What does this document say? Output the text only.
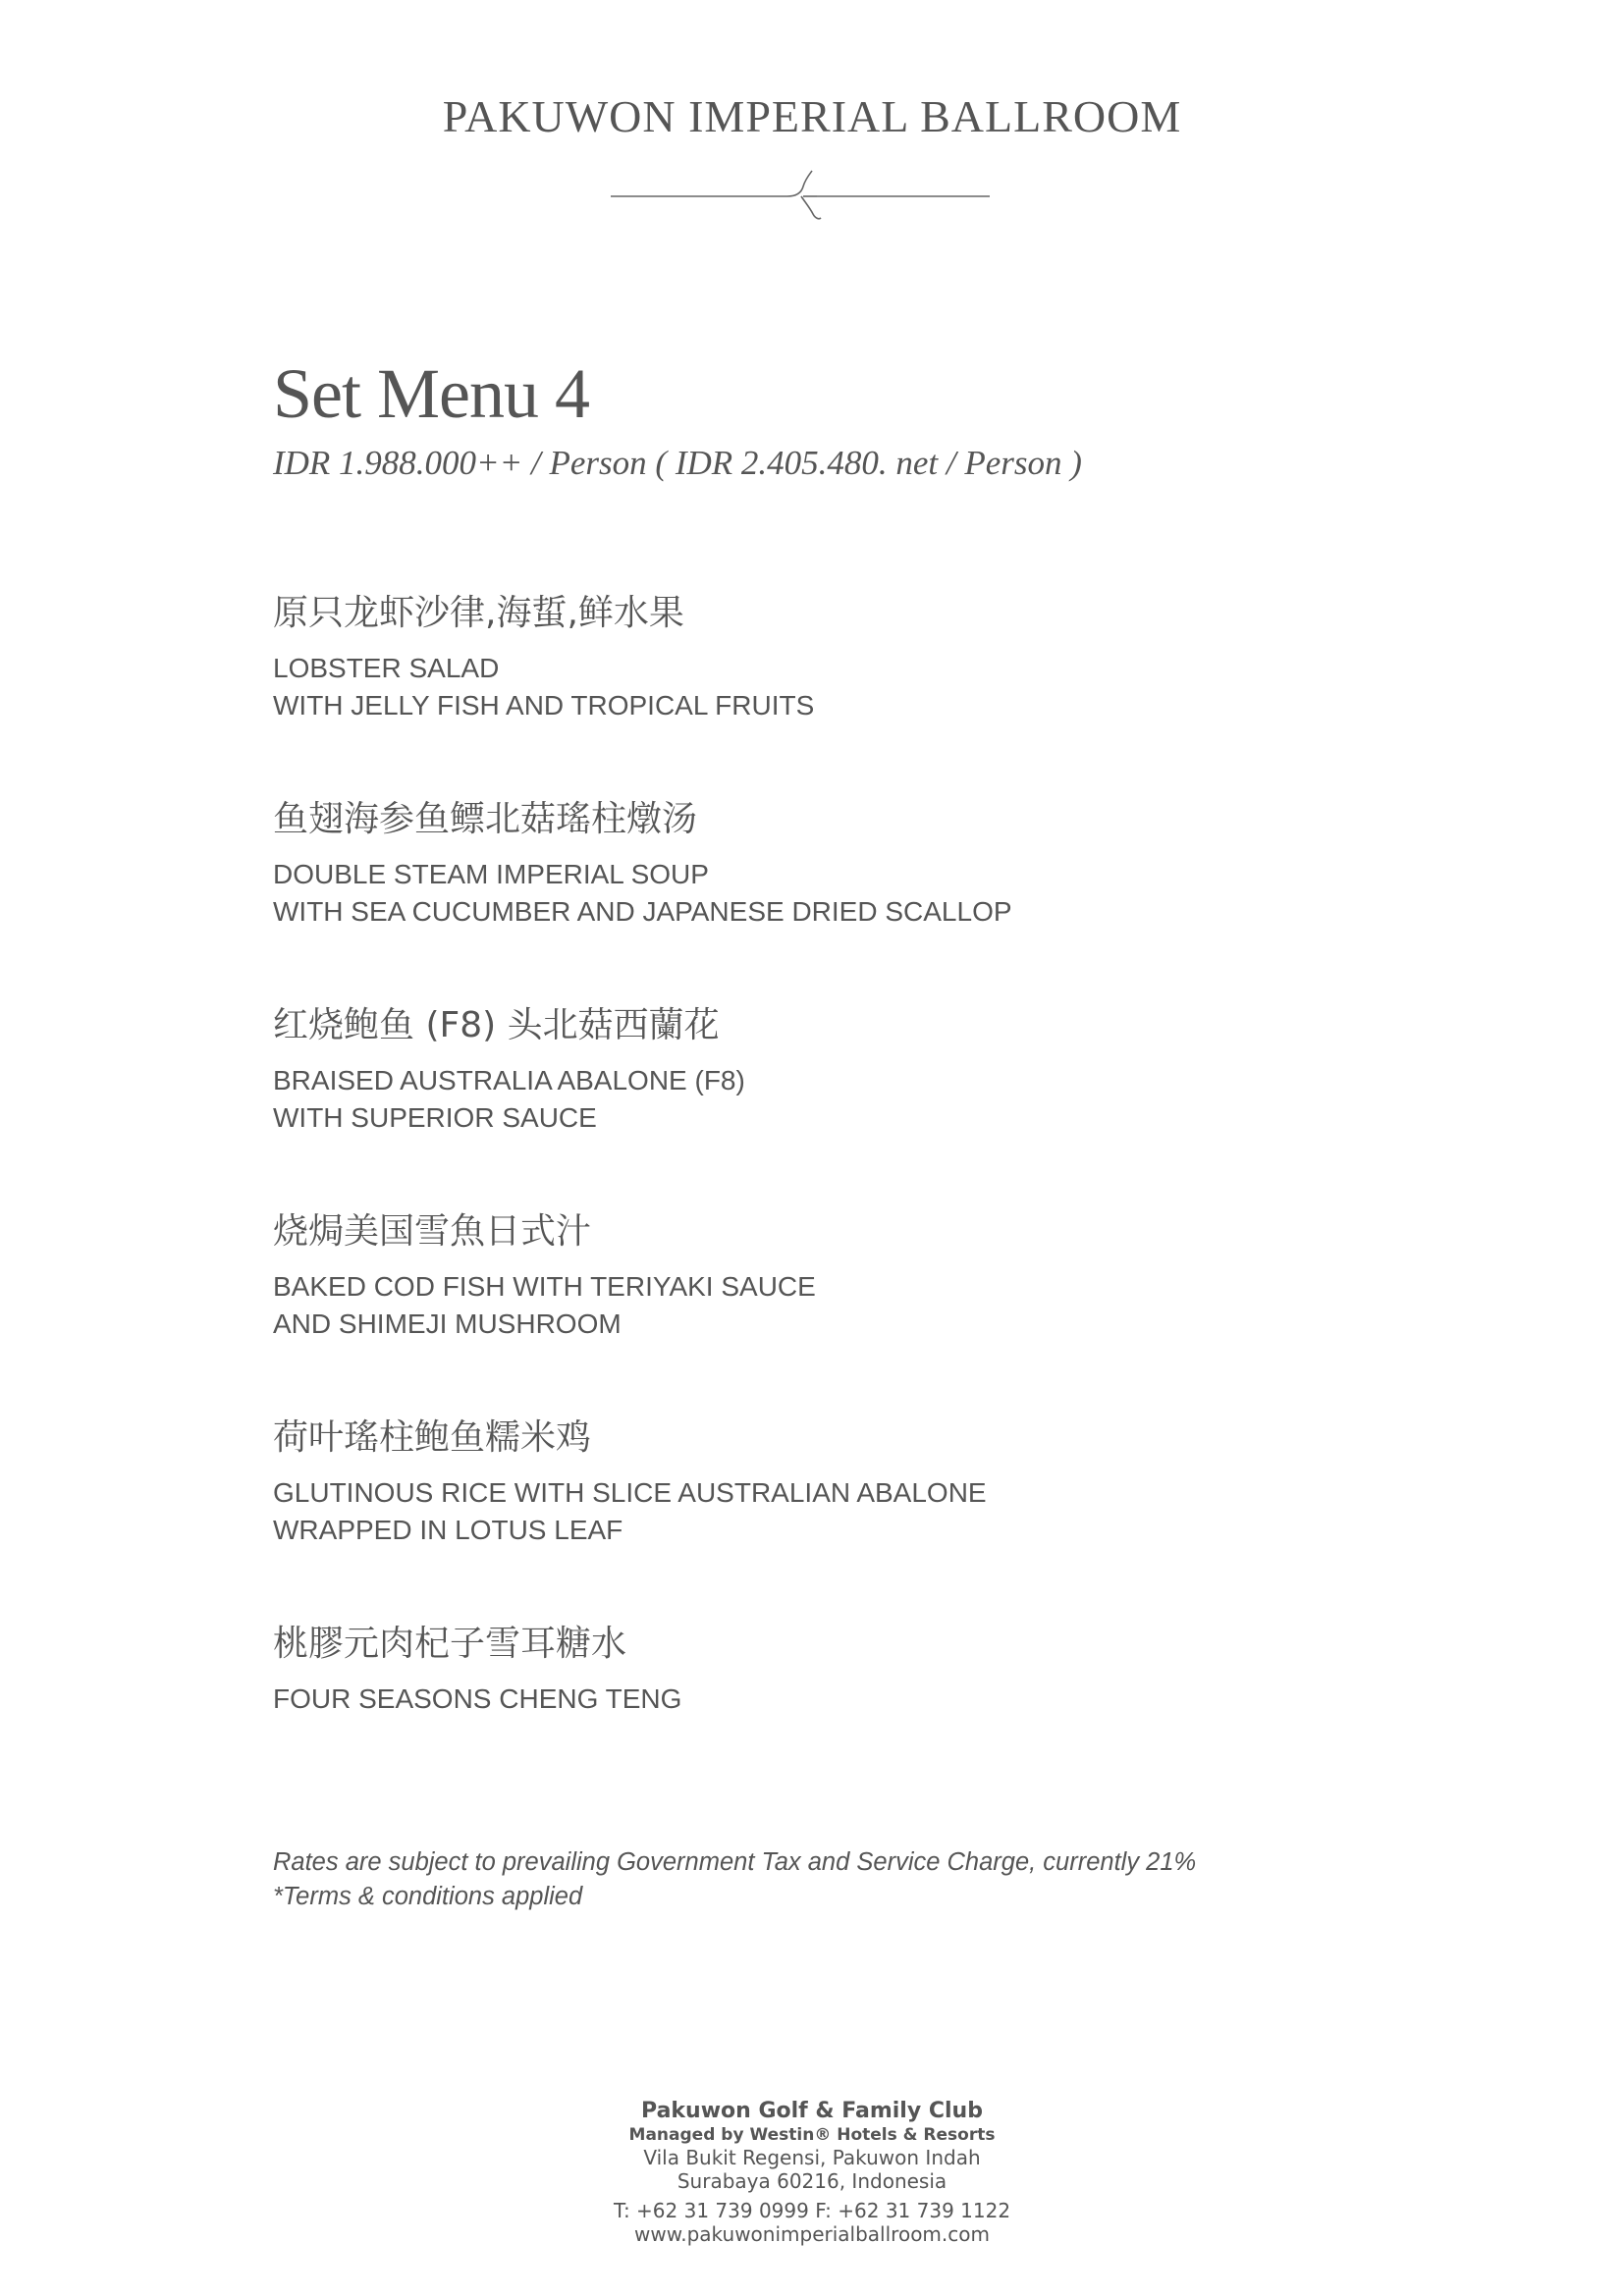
PAKUWON IMPERIAL BALLROOM
Set Menu 4
IDR 1.988.000++ / Person ( IDR 2.405.480. net / Person )
原只龙虾沙律,海蜇,鲜水果
LOBSTER SALAD
WITH JELLY FISH AND TROPICAL FRUITS
鱼翅海参鱼鳔北菇瑤柱燉汤
DOUBLE STEAM IMPERIAL SOUP
WITH SEA CUCUMBER AND JAPANESE DRIED SCALLOP
红烧鲍鱼 (F8) 头北菇西蘭花
BRAISED AUSTRALIA ABALONE (F8)
WITH SUPERIOR SAUCE
烧焗美国雪魚日式汁
BAKED COD FISH WITH TERIYAKI SAUCE
AND SHIMEJI MUSHROOM
荷叶瑤柱鲍鱼糯米鸡
GLUTINOUS RICE WITH SLICE AUSTRALIAN ABALONE
WRAPPED IN LOTUS LEAF
桃膠元肉杞子雪耳糖水
FOUR SEASONS CHENG TENG
Rates are subject to prevailing Government Tax and Service Charge, currently 21%
*Terms & conditions applied
Pakuwon Golf & Family Club
Managed by Westin® Hotels & Resorts
Vila Bukit Regensi, Pakuwon Indah
Surabaya 60216, Indonesia
T: +62 31 739 0999 F: +62 31 739 1122
www.pakuwonimperialballroom.com
